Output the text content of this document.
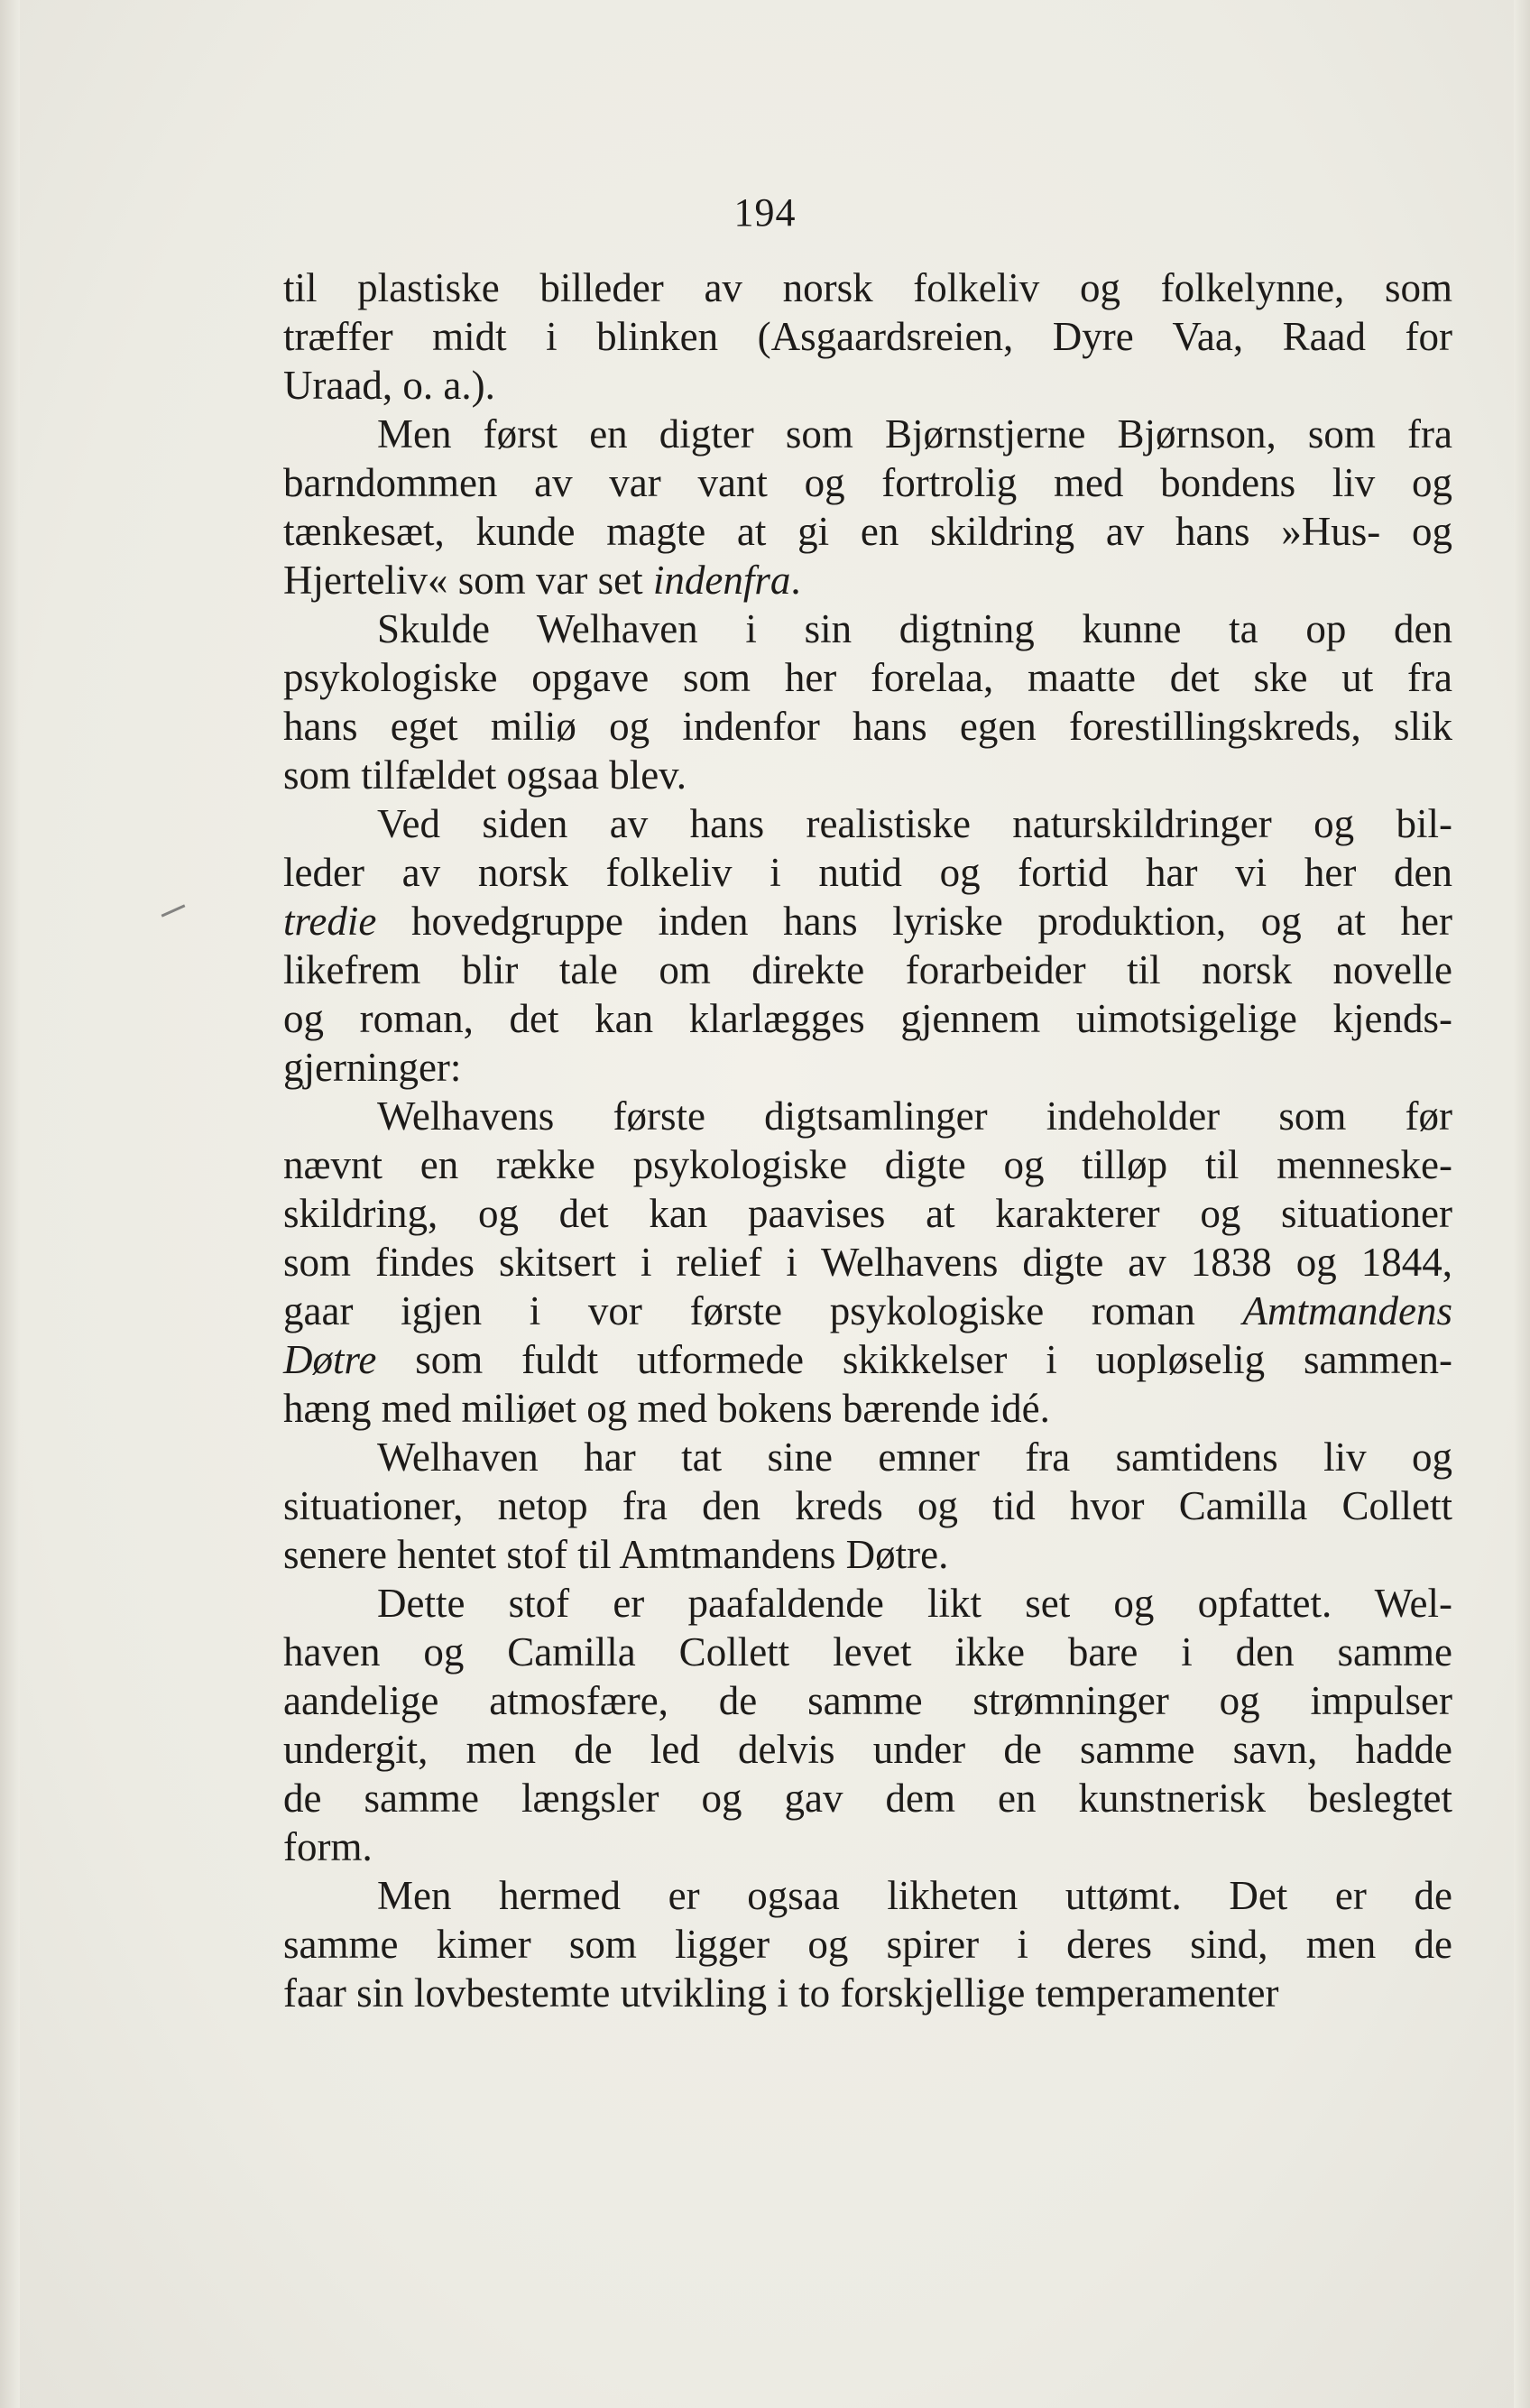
194
til plastiske billeder av norsk folkeliv og folkelynne, som
træffer midt i blinken (Asgaardsreien, Dyre Vaa, Raad for
Uraad, o. a.).
Men først en digter som Bjørnstjerne Bjørnson, som fra
barndommen av var vant og fortrolig med bondens liv og
tænkesæt, kunde magte at gi en skildring av hans »Hus- og
Hjerteliv« som var set indenfra.
Skulde Welhaven i sin digtning kunne ta op den
psykologiske opgave som her forelaa, maatte det ske ut fra
hans eget miliø og indenfor hans egen forestillingskreds, slik
som tilfældet ogsaa blev.
Ved siden av hans realistiske naturskildringer og bil-
leder av norsk folkeliv i nutid og fortid har vi her den
tredie hovedgruppe inden hans lyriske produktion, og at her
likefrem blir tale om direkte forarbeider til norsk novelle
og roman, det kan klarlægges gjennem uimotsigelige kjends-
gjerninger:
Welhavens første digtsamlinger indeholder som før
nævnt en række psykologiske digte og tilløp til menneske-
skildring, og det kan paavises at karakterer og situationer
som findes skitsert i relief i Welhavens digte av 1838 og 1844,
gaar igjen i vor første psykologiske roman Amtmandens
Døtre som fuldt utformede skikkelser i uopløselig sammen-
hæng med miliøet og med bokens bærende idé.
Welhaven har tat sine emner fra samtidens liv og
situationer, netop fra den kreds og tid hvor Camilla Collett
senere hentet stof til Amtmandens Døtre.
Dette stof er paafaldende likt set og opfattet. Wel-
haven og Camilla Collett levet ikke bare i den samme
aandelige atmosfære, de samme strømninger og impulser
undergit, men de led delvis under de samme savn, hadde
de samme længsler og gav dem en kunstnerisk beslegtet
form.
Men hermed er ogsaa likheten uttømt. Det er de
samme kimer som ligger og spirer i deres sind, men de
faar sin lovbestemte utvikling i to forskjellige temperamenter
